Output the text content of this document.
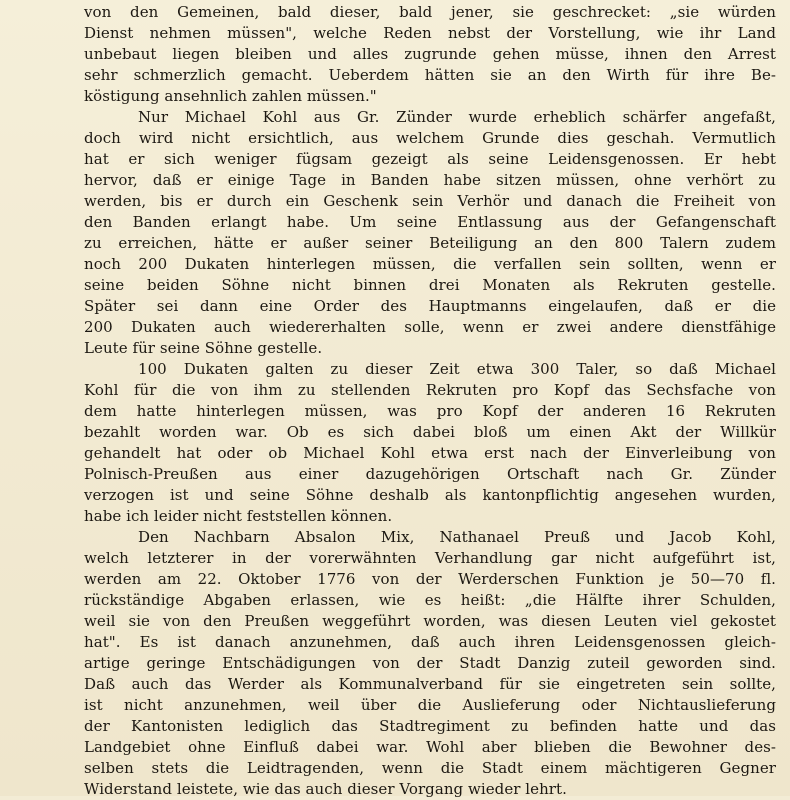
von den Gemeinen, bald dieser, bald jener, sie geschrecket: „sie würden
Dienst nehmen müssen", welche Reden nebst der Vorstellung, wie ihr Land
unbebaut liegen bleiben und alles zugrunde gehen müsse, ihnen den Arrest
sehr schmerzlich gemacht. Ueberdem hätten sie an den Wirth für ihre Be-
köstigung ansehnlich zahlen müssen."
Nur Michael Kohl aus Gr. Zünder wurde erheblich schärfer angefaßt,
doch wird nicht ersichtlich, aus welchem Grunde dies geschah. Vermutlich
hat er sich weniger fügsam gezeigt als seine Leidensgenossen. Er hebt
hervor, daß er einige Tage in Banden habe sitzen müssen, ohne verhört zu
werden, bis er durch ein Geschenk sein Verhör und danach die Freiheit von
den Banden erlangt habe. Um seine Entlassung aus der Gefangenschaft
zu erreichen, hätte er außer seiner Beteiligung an den 800 Talern zudem
noch 200 Dukaten hinterlegen müssen, die verfallen sein sollten, wenn er
seine beiden Söhne nicht binnen drei Monaten als Rekruten gestelle.
Später sei dann eine Order des Hauptmanns eingelaufen, daß er die
200 Dukaten auch wiedererhalten solle, wenn er zwei andere dienstfähige
Leute für seine Söhne gestelle.
100 Dukaten galten zu dieser Zeit etwa 300 Taler, so daß Michael
Kohl für die von ihm zu stellenden Rekruten pro Kopf das Sechsfache von
dem hatte hinterlegen müssen, was pro Kopf der anderen 16 Rekruten
bezahlt worden war. Ob es sich dabei bloß um einen Akt der Willkür
gehandelt hat oder ob Michael Kohl etwa erst nach der Einverleibung von
Polnisch-Preußen aus einer dazugehörigen Ortschaft nach Gr. Zünder
verzogen ist und seine Söhne deshalb als kantonpflichtig angesehen wurden,
habe ich leider nicht feststellen können.
Den Nachbarn Absalon Mix, Nathanael Preuß und Jacob Kohl,
welch letzterer in der vorerwähnten Verhandlung gar nicht aufgeführt ist,
werden am 22. Oktober 1776 von der Werderschen Funktion je 50—70 fl.
rückständige Abgaben erlassen, wie es heißt: „die Hälfte ihrer Schulden,
weil sie von den Preußen weggeführt worden, was diesen Leuten viel gekostet
hat". Es ist danach anzunehmen, daß auch ihren Leidensgenossen gleich-
artige geringe Entschädigungen von der Stadt Danzig zuteil geworden sind.
Daß auch das Werder als Kommunalverband für sie eingetreten sein sollte,
ist nicht anzunehmen, weil über die Auslieferung oder Nichtauslieferung
der Kantonisten lediglich das Stadtregiment zu befinden hatte und das
Landgebiet ohne Einfluß dabei war. Wohl aber blieben die Bewohner des-
selben stets die Leidtragenden, wenn die Stadt einem mächtigeren Gegner
Widerstand leistete, wie das auch dieser Vorgang wieder lehrt.
